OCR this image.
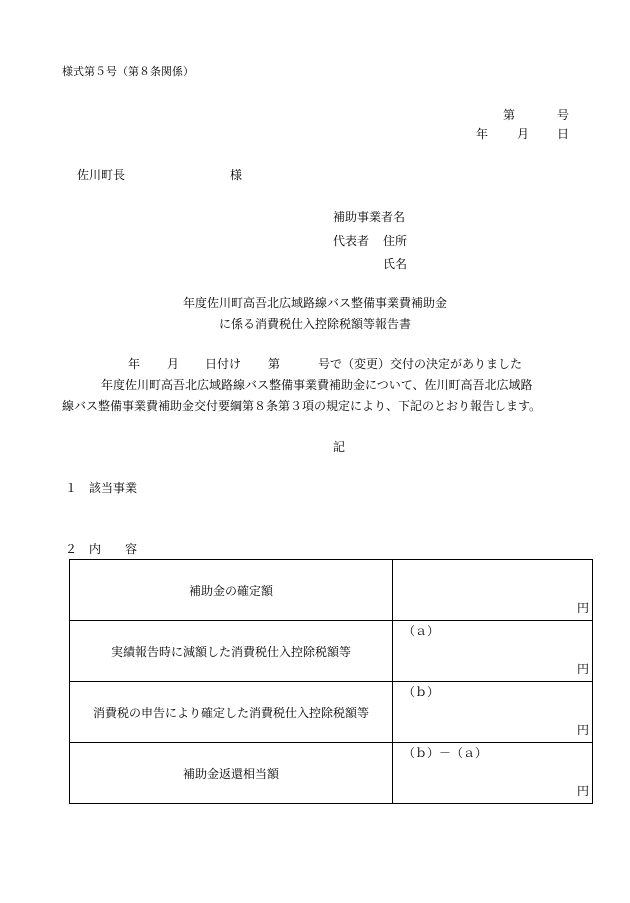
様式第５号（第８条関係）
第	号
年 月 日
佐川町長	様
補助事業者名
代表者 住所
氏名
年度佐川町高吾北広域路線バス整備事業費補助金
に係る消費税仕入控除税額等報告書
年 月 日付け 第	号で（変更）交付の決定がありました
年度佐川町高吾北広域路線バス整備事業費補助金について、佐川町高吾北広域路
線バス整備事業費補助金交付要綱第８条第３項の規定により、下記のとおり報告します。
記
１　該当事業
２　内　　容
補助金の確定額	円

実績報告時に減額した消費税仕入控除税額等	（ａ）
円

消費税の申告により確定した消費税仕入控除税額等	（ｂ）
円

補助金返還相当額	（ｂ）－（ａ）
円
